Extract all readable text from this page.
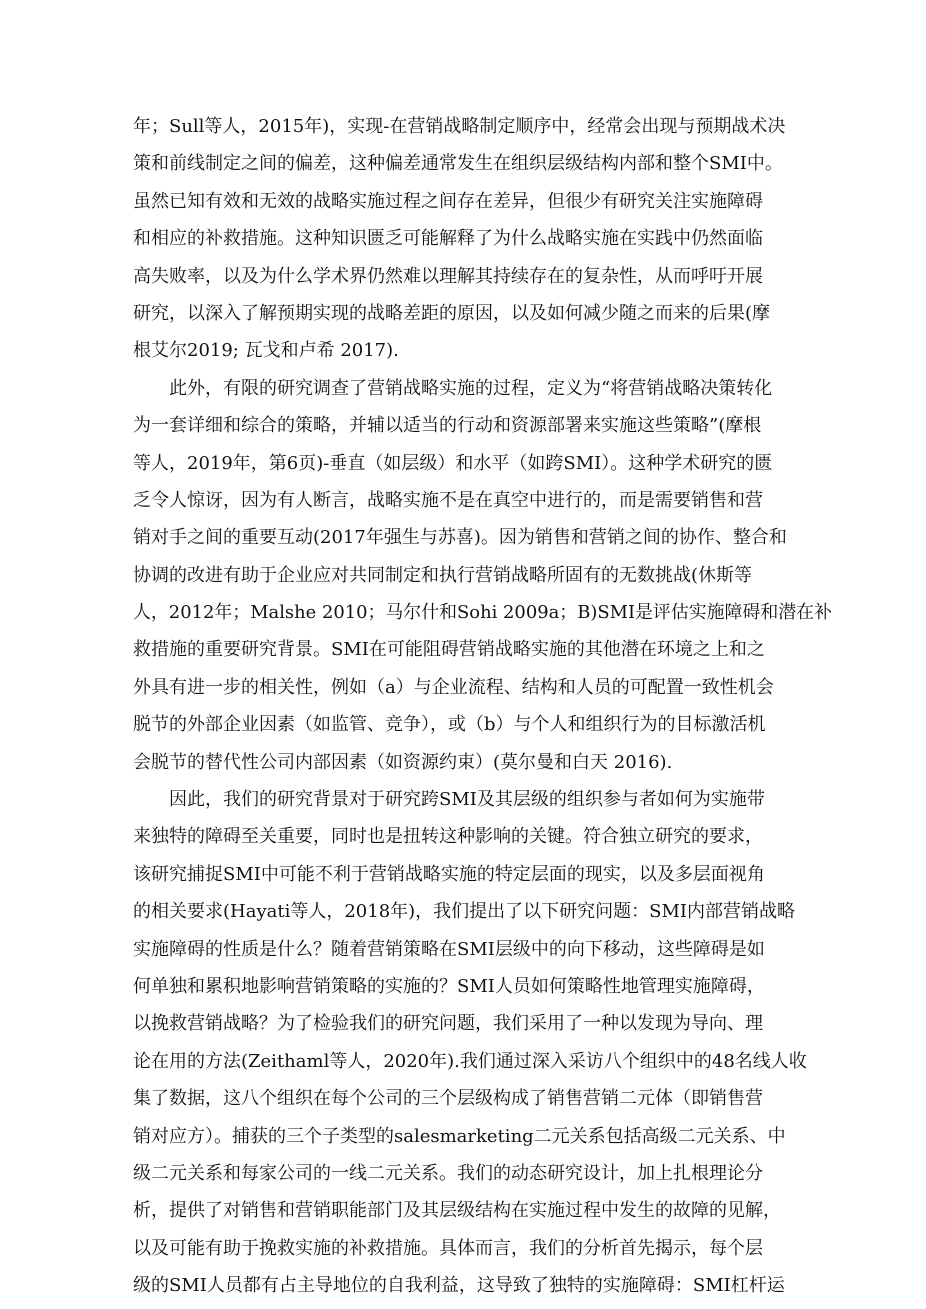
年；Sull等人，2015年)，实现-在营销战略制定顺序中，经常会出现与预期战术决
策和前线制定之间的偏差，这种偏差通常发生在组织层级结构内部和整个SMI中。
虽然已知有效和无效的战略实施过程之间存在差异，但很少有研究关注实施障碍
和相应的补救措施。这种知识匮乏可能解释了为什么战略实施在实践中仍然面临
高失败率，以及为什么学术界仍然难以理解其持续存在的复杂性，从而呼吁开展
研究，以深入了解预期实现的战略差距的原因，以及如何减少随之而来的后果(摩
根艾尔2019; 瓦戈和卢希 2017).
此外，有限的研究调查了营销战略实施的过程，定义为“将营销战略决策转化
为一套详细和综合的策略，并辅以适当的行动和资源部署来实施这些策略”(摩根
等人，2019年，第6页)-垂直（如层级）和水平（如跨SMI）。这种学术研究的匮
乏令人惊讶，因为有人断言，战略实施不是在真空中进行的，而是需要销售和营
销对手之间的重要互动(2017年强生与苏喜)。因为销售和营销之间的协作、整合和
协调的改进有助于企业应对共同制定和执行营销战略所固有的无数挑战(休斯等
人，2012年；Malshe 2010；马尔什和Sohi 2009a；B)SMI是评估实施障碍和潜在补
救措施的重要研究背景。SMI在可能阻碍营销战略实施的其他潜在环境之上和之
外具有进一步的相关性，例如（a）与企业流程、结构和人员的可配置一致性机会
脱节的外部企业因素（如监管、竞争），或（b）与个人和组织行为的目标激活机
会脱节的替代性公司内部因素（如资源约束）(莫尔曼和白天 2016).
因此，我们的研究背景对于研究跨SMI及其层级的组织参与者如何为实施带
来独特的障碍至关重要，同时也是扭转这种影响的关键。符合独立研究的要求，
该研究捕捉SMI中可能不利于营销战略实施的特定层面的现实，以及多层面视角
的相关要求(Hayati等人，2018年)，我们提出了以下研究问题：SMI内部营销战略
实施障碍的性质是什么？随着营销策略在SMI层级中的向下移动，这些障碍是如
何单独和累积地影响营销策略的实施的？SMI人员如何策略性地管理实施障碍，
以挽救营销战略？为了检验我们的研究问题，我们采用了一种以发现为导向、理
论在用的方法(Zeithaml等人，2020年).我们通过深入采访八个组织中的48名线人收
集了数据，这八个组织在每个公司的三个层级构成了销售营销二元体（即销售营
销对应方）。捕获的三个子类型的salesmarketing二元关系包括高级二元关系、中
级二元关系和每家公司的一线二元关系。我们的动态研究设计，加上扎根理论分
析，提供了对销售和营销职能部门及其层级结构在实施过程中发生的故障的见解，
以及可能有助于挽救实施的补救措施。具体而言，我们的分析首先揭示，每个层
级的SMI人员都有占主导地位的自我利益，这导致了独特的实施障碍：SMI杠杆运
